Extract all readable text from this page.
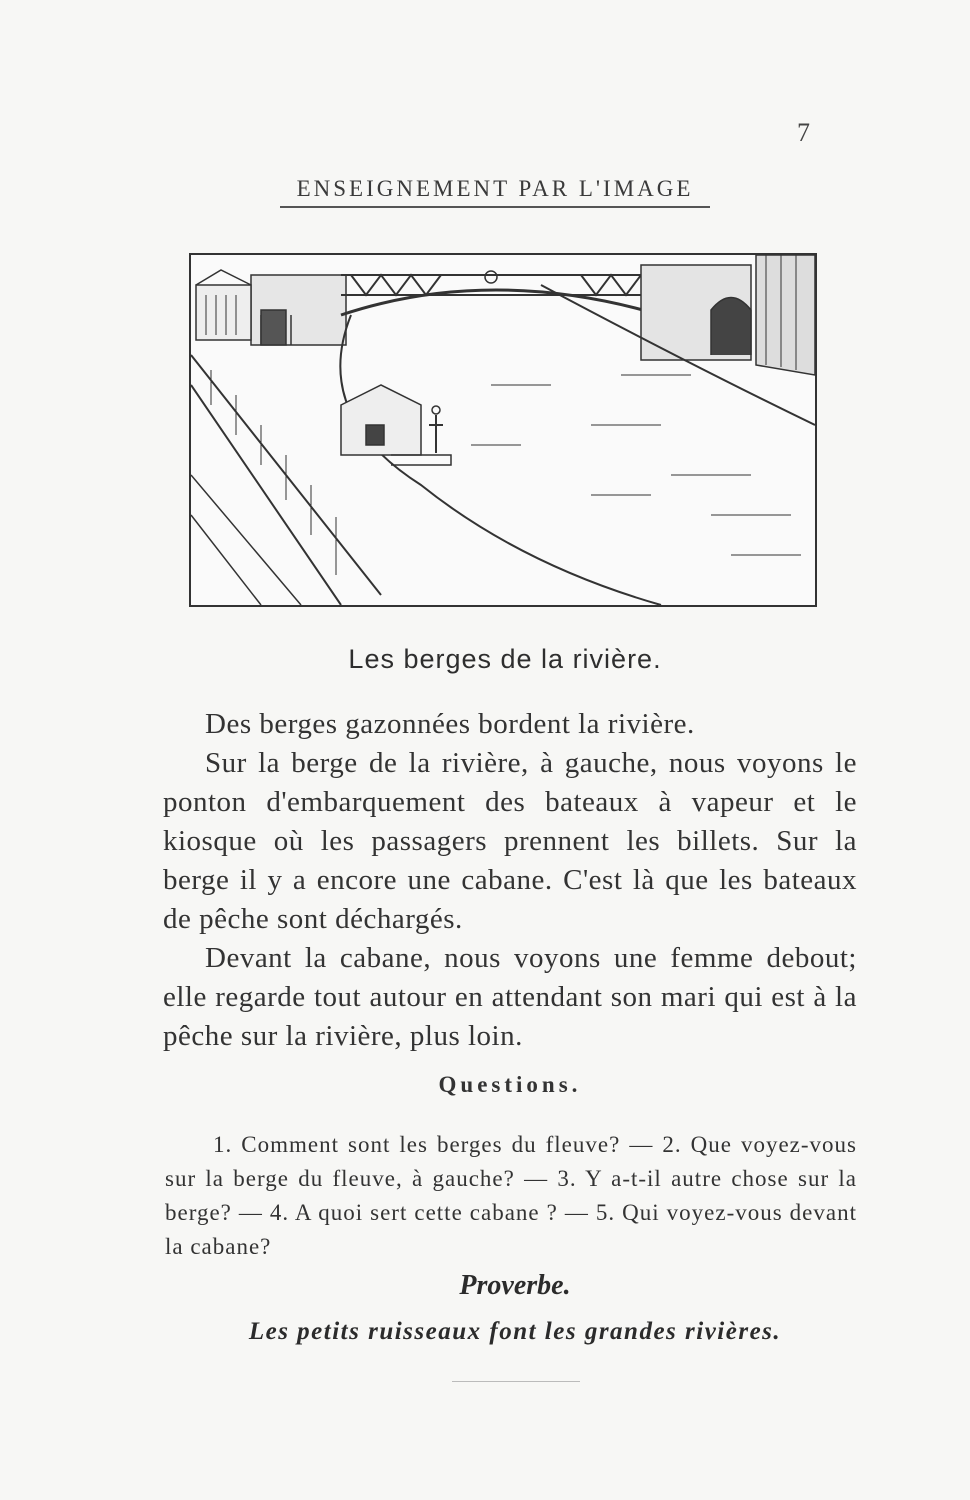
7
ENSEIGNEMENT PAR L'IMAGE
Les berges de la rivière.

Des berges gazonnées bordent la rivière.

Sur la berge de la rivière, à gauche, nous voyons le ponton d'embarquement des bateaux à vapeur et le kiosque où les passagers prennent les billets. Sur la berge il y a encore une cabane. C'est là que les bateaux de pêche sont déchargés.

Devant la cabane, nous voyons une femme debout; elle regarde tout autour en attendant son mari qui est à la pêche sur la rivière, plus loin.

Questions.
1. Comment sont les berges du fleuve? — 2. Que voyez-vous sur la berge du fleuve, à gauche? — 3. Y a-t-il autre chose sur la berge? — 4. A quoi sert cette cabane ? — 5. Qui voyez-vous devant la cabane?
Proverbe.
Les petits ruisseaux font les grandes rivières.
